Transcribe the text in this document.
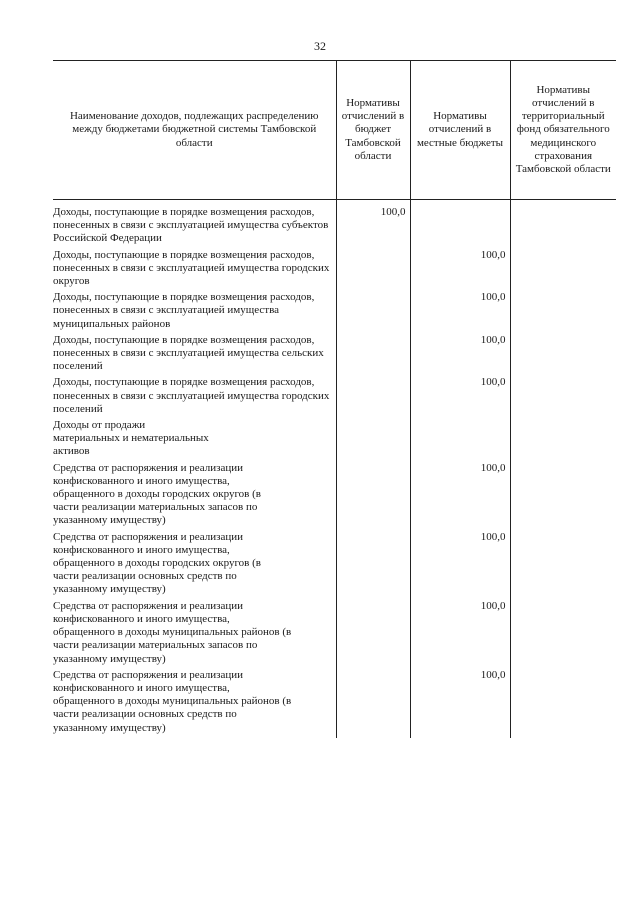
32
Наименование доходов, подлежащих распределению между бюджетами бюджетной системы Тамбовской области	Нормативы отчислений в бюджет Тамбовской области	Нормативы отчислений в местные бюджеты	Нормативы отчислений в территориальный фонд обязательного медицинского страхования Тамбовской области

Доходы, поступающие в порядке возмещения расходов, понесенных в связи с эксплуатацией имущества субъектов Российской Федерации	100,0		

Доходы, поступающие в порядке возмещения расходов, понесенных в связи с эксплуатацией имущества городских округов		100,0	

Доходы, поступающие в порядке возмещения расходов, понесенных в связи с эксплуатацией имущества муниципальных районов		100,0	

Доходы, поступающие в порядке возмещения расходов, понесенных в связи с эксплуатацией имущества сельских поселений		100,0	

Доходы, поступающие в порядке возмещения расходов, понесенных в связи с эксплуатацией имущества городских поселений		100,0	

Доходы от продажи материальных и нематериальных активов			

Средства от распоряжения и реализации конфискованного и иного имущества, обращенного в доходы городских округов (в части реализации материальных запасов по указанному имуществу)		100,0	

Средства от распоряжения и реализации конфискованного и иного имущества, обращенного в доходы городских округов (в части реализации основных средств по указанному имуществу)		100,0	

Средства от распоряжения и реализации конфискованного и иного имущества, обращенного в доходы муниципальных районов (в части реализации материальных запасов по указанному имуществу)		100,0	

Средства от распоряжения и реализации конфискованного и иного имущества, обращенного в доходы муниципальных районов (в части реализации основных средств по указанному имуществу)		100,0	
